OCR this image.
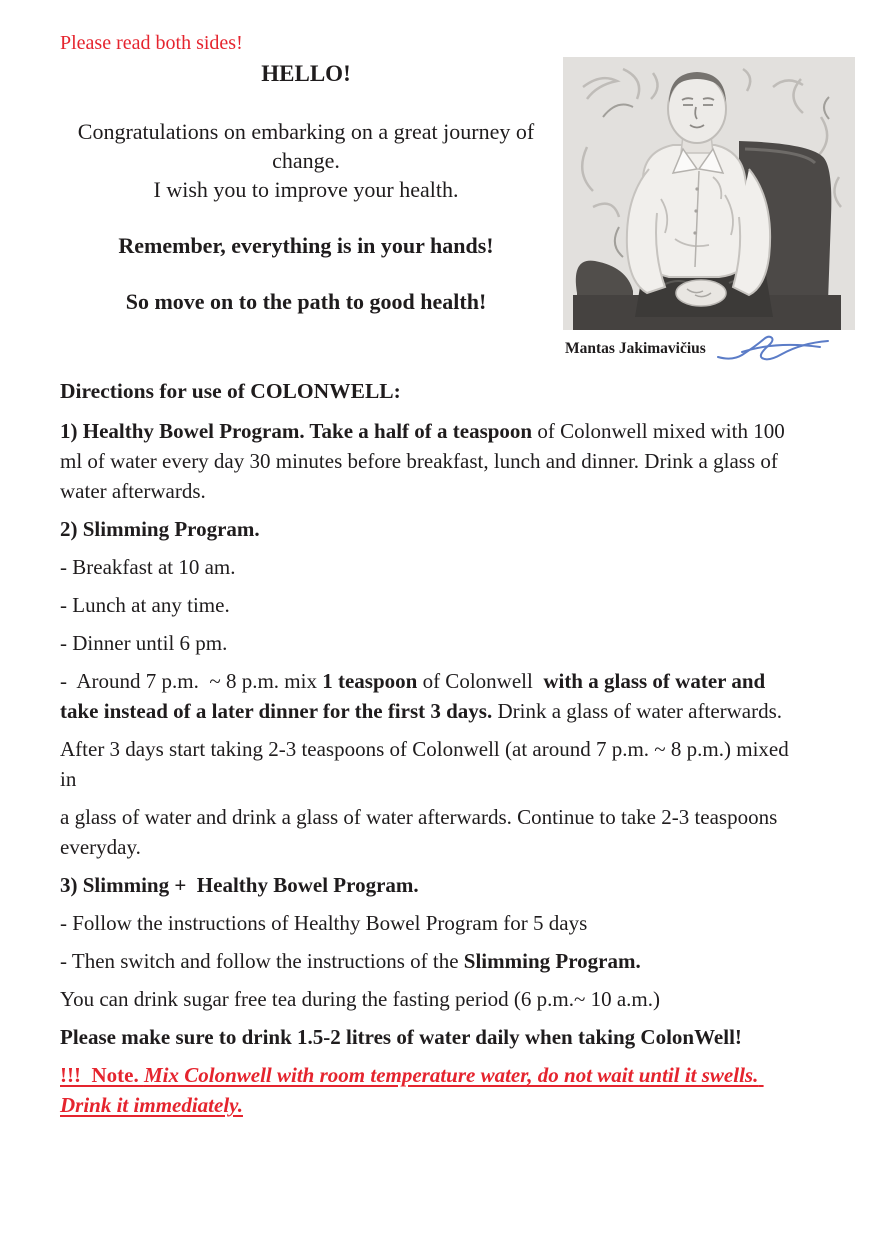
Please read both sides!
HELLO!
Congratulations on embarking on a great journey of change.
I wish you to improve your health.
Remember, everything is in your hands!
So move on to the path to good health!
Mantas Jakimavičius

Directions for use of COLONWELL:

1) Healthy Bowel Program. Take a half of a teaspoon of Colonwell mixed with 100 ml of water every day 30 minutes before breakfast, lunch and dinner. Drink a glass of water afterwards.

2) Slimming Program.

- Breakfast at 10 am.

- Lunch at any time.

- Dinner until 6 pm.

-  Around 7 p.m.  ~ 8 p.m. mix 1 teaspoon of Colonwell  with a glass of water and take instead of a later dinner for the first 3 days. Drink a glass of water afterwards.

After 3 days start taking 2-3 teaspoons of Colonwell (at around 7 p.m. ~ 8 p.m.) mixed in

a glass of water and drink a glass of water afterwards. Continue to take 2-3 teaspoons everyday.

3) Slimming +  Healthy Bowel Program.

- Follow the instructions of Healthy Bowel Program for 5 days

- Then switch and follow the instructions of the Slimming Program.

You can drink sugar free tea during the fasting period (6 p.m.~ 10 a.m.)

Please make sure to drink 1.5-2 litres of water daily when taking ColonWell!

!!!  Note. Mix Colonwell with room temperature water, do not wait until it swells. Drink it immediately.
